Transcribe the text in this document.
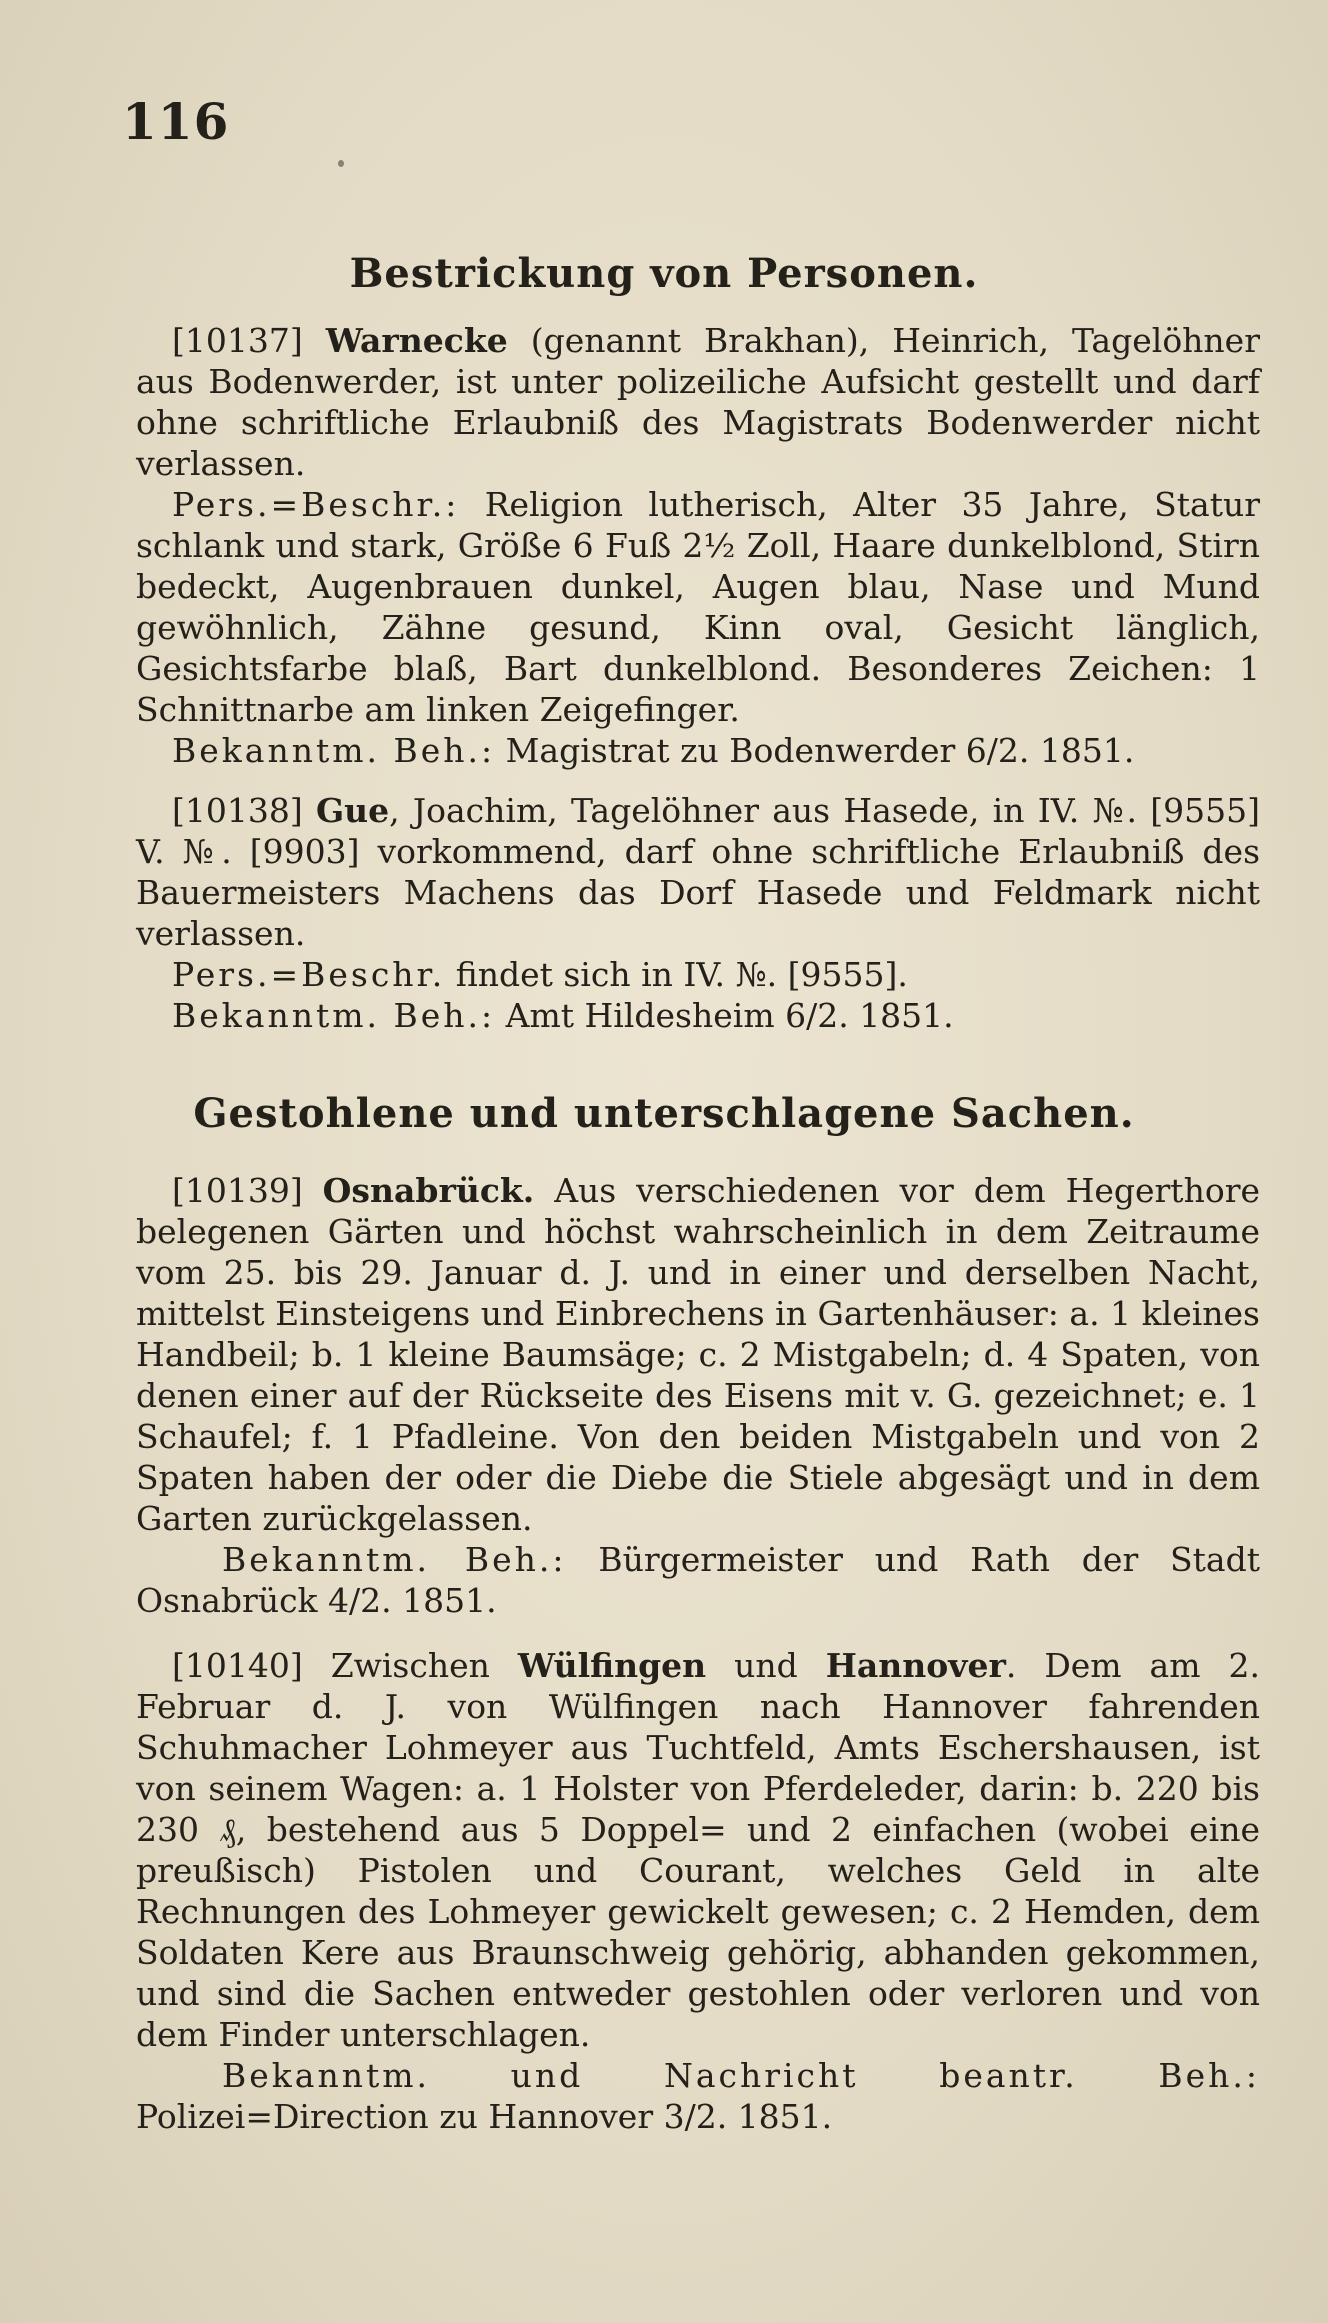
116
Bestrickung von Personen.

[10137] Warnecke (genannt Brakhan), Heinrich, Tagelöhner aus Bodenwerder, ist unter polizeiliche Aufsicht gestellt und darf ohne schriftliche Erlaubniß des Magistrats Bodenwerder nicht verlassen.

Pers.=Beschr.: Religion lutherisch, Alter 35 Jahre, Statur schlank und stark, Größe 6 Fuß 2½ Zoll, Haare dunkelblond, Stirn bedeckt, Augenbrauen dunkel, Augen blau, Nase und Mund gewöhnlich, Zähne gesund, Kinn oval, Gesicht länglich, Gesichtsfarbe blaß, Bart dunkelblond. Besonderes Zeichen: 1 Schnittnarbe am linken Zeigefinger.

Bekanntm. Beh.: Magistrat zu Bodenwerder 6/2. 1851.

[10138] Gue, Joachim, Tagelöhner aus Hasede, in IV. №. [9555] V. №. [9903] vorkommend, darf ohne schriftliche Erlaubniß des Bauermeisters Machens das Dorf Hasede und Feldmark nicht verlassen.

Pers.=Beschr. findet sich in IV. №. [9555].

Bekanntm. Beh.: Amt Hildesheim 6/2. 1851.

Gestohlene und unterschlagene Sachen.

[10139] Osnabrück. Aus verschiedenen vor dem Hegerthore belegenen Gärten und höchst wahrscheinlich in dem Zeitraume vom 25. bis 29. Januar d. J. und in einer und derselben Nacht, mittelst Einsteigens und Einbrechens in Gartenhäuser: a. 1 kleines Handbeil; b. 1 kleine Baumsäge; c. 2 Mistgabeln; d. 4 Spaten, von denen einer auf der Rückseite des Eisens mit v. G. gezeichnet; e. 1 Schaufel; f. 1 Pfadleine. Von den beiden Mistgabeln und von 2 Spaten haben der oder die Diebe die Stiele abgesägt und in dem Garten zurückgelassen.

Bekanntm. Beh.: Bürgermeister und Rath der Stadt Osnabrück 4/2. 1851.

[10140] Zwischen Wülfingen und Hannover. Dem am 2. Februar d. J. von Wülfingen nach Hannover fahrenden Schuhmacher Lohmeyer aus Tuchtfeld, Amts Eschershausen, ist von seinem Wagen: a. 1 Holster von Pferdeleder, darin: b. 220 bis 230 ₰, bestehend aus 5 Doppel= und 2 einfachen (wobei eine preußisch) Pistolen und Courant, welches Geld in alte Rechnungen des Lohmeyer gewickelt gewesen; c. 2 Hemden, dem Soldaten Kere aus Braunschweig gehörig, abhanden gekommen, und sind die Sachen entweder gestohlen oder verloren und von dem Finder unterschlagen.

Bekanntm. und Nachricht beantr. Beh.: Polizei=Direction zu Hannover 3/2. 1851.
